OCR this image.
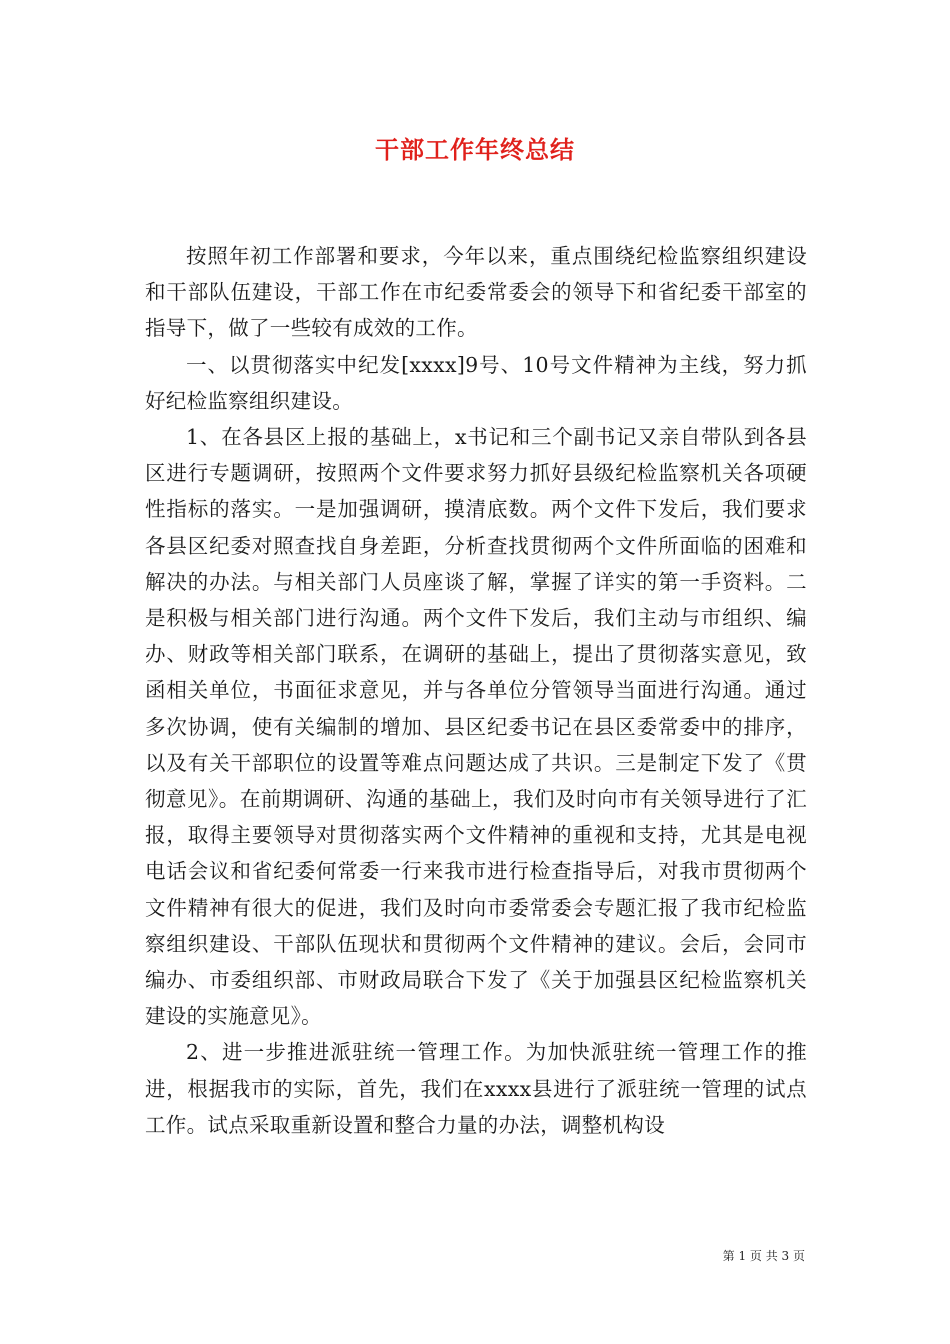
干部工作年终总结

按照年初工作部署和要求，今年以来，重点围绕纪检监察组织建设和干部队伍建设，干部工作在市纪委常委会的领导下和省纪委干部室的指导下，做了一些较有成效的工作。

一、以贯彻落实中纪发[xxxx]9号、10号文件精神为主线，努力抓好纪检监察组织建设。

1、在各县区上报的基础上，x书记和三个副书记又亲自带队到各县区进行专题调研，按照两个文件要求努力抓好县级纪检监察机关各项硬性指标的落实。一是加强调研，摸清底数。两个文件下发后，我们要求各县区纪委对照查找自身差距，分析查找贯彻两个文件所面临的困难和解决的办法。与相关部门人员座谈了解，掌握了详实的第一手资料。二是积极与相关部门进行沟通。两个文件下发后，我们主动与市组织、编办、财政等相关部门联系，在调研的基础上，提出了贯彻落实意见，致函相关单位，书面征求意见，并与各单位分管领导当面进行沟通。通过多次协调，使有关编制的增加、县区纪委书记在县区委常委中的排序，以及有关干部职位的设置等难点问题达成了共识。三是制定下发了《贯彻意见》。在前期调研、沟通的基础上，我们及时向市有关领导进行了汇报，取得主要领导对贯彻落实两个文件精神的重视和支持，尤其是电视电话会议和省纪委何常委一行来我市进行检查指导后，对我市贯彻两个文件精神有很大的促进，我们及时向市委常委会专题汇报了我市纪检监察组织建设、干部队伍现状和贯彻两个文件精神的建议。会后，会同市编办、市委组织部、市财政局联合下发了《关于加强县区纪检监察机关建设的实施意见》。

2、进一步推进派驻统一管理工作。为加快派驻统一管理工作的推进，根据我市的实际，首先，我们在xxxx县进行了派驻统一管理的试点工作。试点采取重新设置和整合力量的办法，调整机构设

第 1 页 共 3 页
